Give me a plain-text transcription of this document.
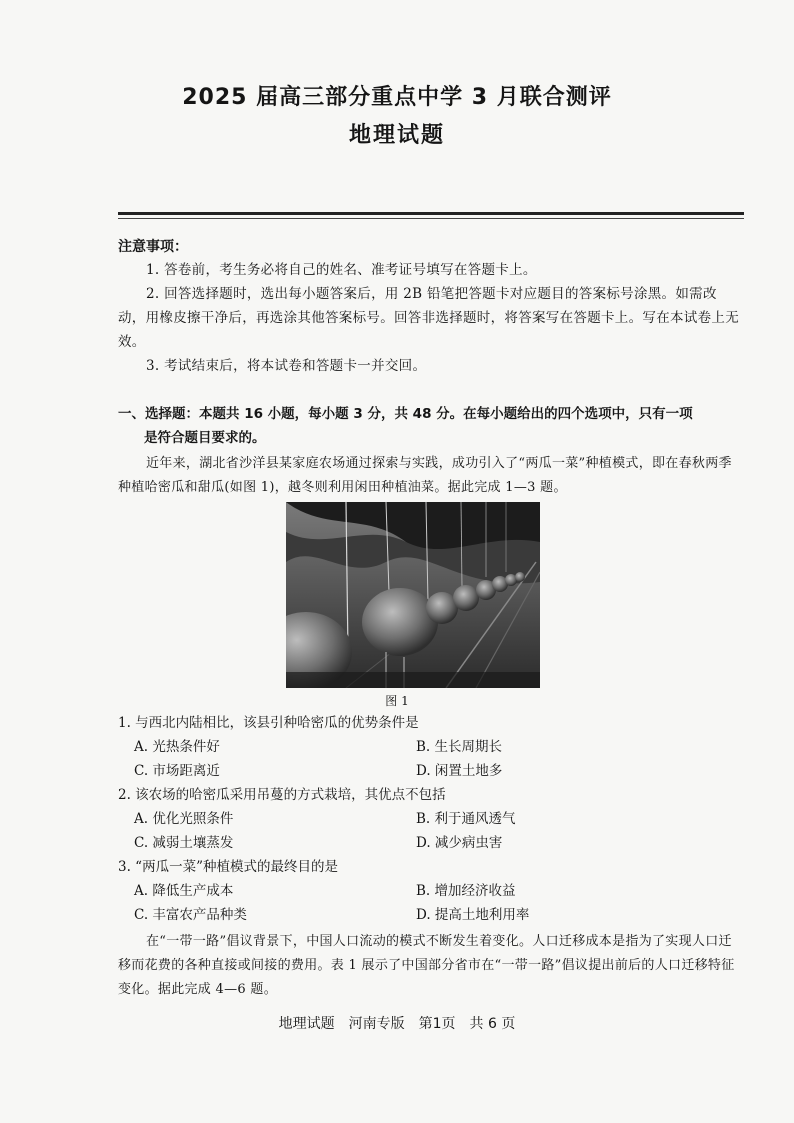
2025 届高三部分重点中学 3 月联合测评
地理试题
注意事项：
1. 答卷前，考生务必将自己的姓名、准考证号填写在答题卡上。
2. 回答选择题时，选出每小题答案后，用 2B 铅笔把答题卡对应题目的答案标号涂黑。如需改动，用橡皮擦干净后，再选涂其他答案标号。回答非选择题时，将答案写在答题卡上。写在本试卷上无效。
3. 考试结束后，将本试卷和答题卡一并交回。
一、选择题：本题共 16 小题，每小题 3 分，共 48 分。在每小题给出的四个选项中，只有一项
是符合题目要求的。
近年来，湖北省沙洋县某家庭农场通过探索与实践，成功引入了“两瓜一菜”种植模式，即在春秋两季种植哈密瓜和甜瓜(如图 1)，越冬则利用闲田种植油菜。据此完成 1—3 题。
图 1
1. 与西北内陆相比，该县引种哈密瓜的优势条件是
A. 光热条件好	B. 生长周期长
C. 市场距离近	D. 闲置土地多
2. 该农场的哈密瓜采用吊蔓的方式栽培，其优点不包括
A. 优化光照条件	B. 利于通风透气
C. 减弱土壤蒸发	D. 减少病虫害
3. “两瓜一菜”种植模式的最终目的是
A. 降低生产成本	B. 增加经济收益
C. 丰富农产品种类	D. 提高土地利用率
在“一带一路”倡议背景下，中国人口流动的模式不断发生着变化。人口迁移成本是指为了实现人口迁移而花费的各种直接或间接的费用。表 1 展示了中国部分省市在“一带一路”倡议提出前后的人口迁移特征变化。据此完成 4—6 题。
地理试题　河南专版　第1页　共 6 页
